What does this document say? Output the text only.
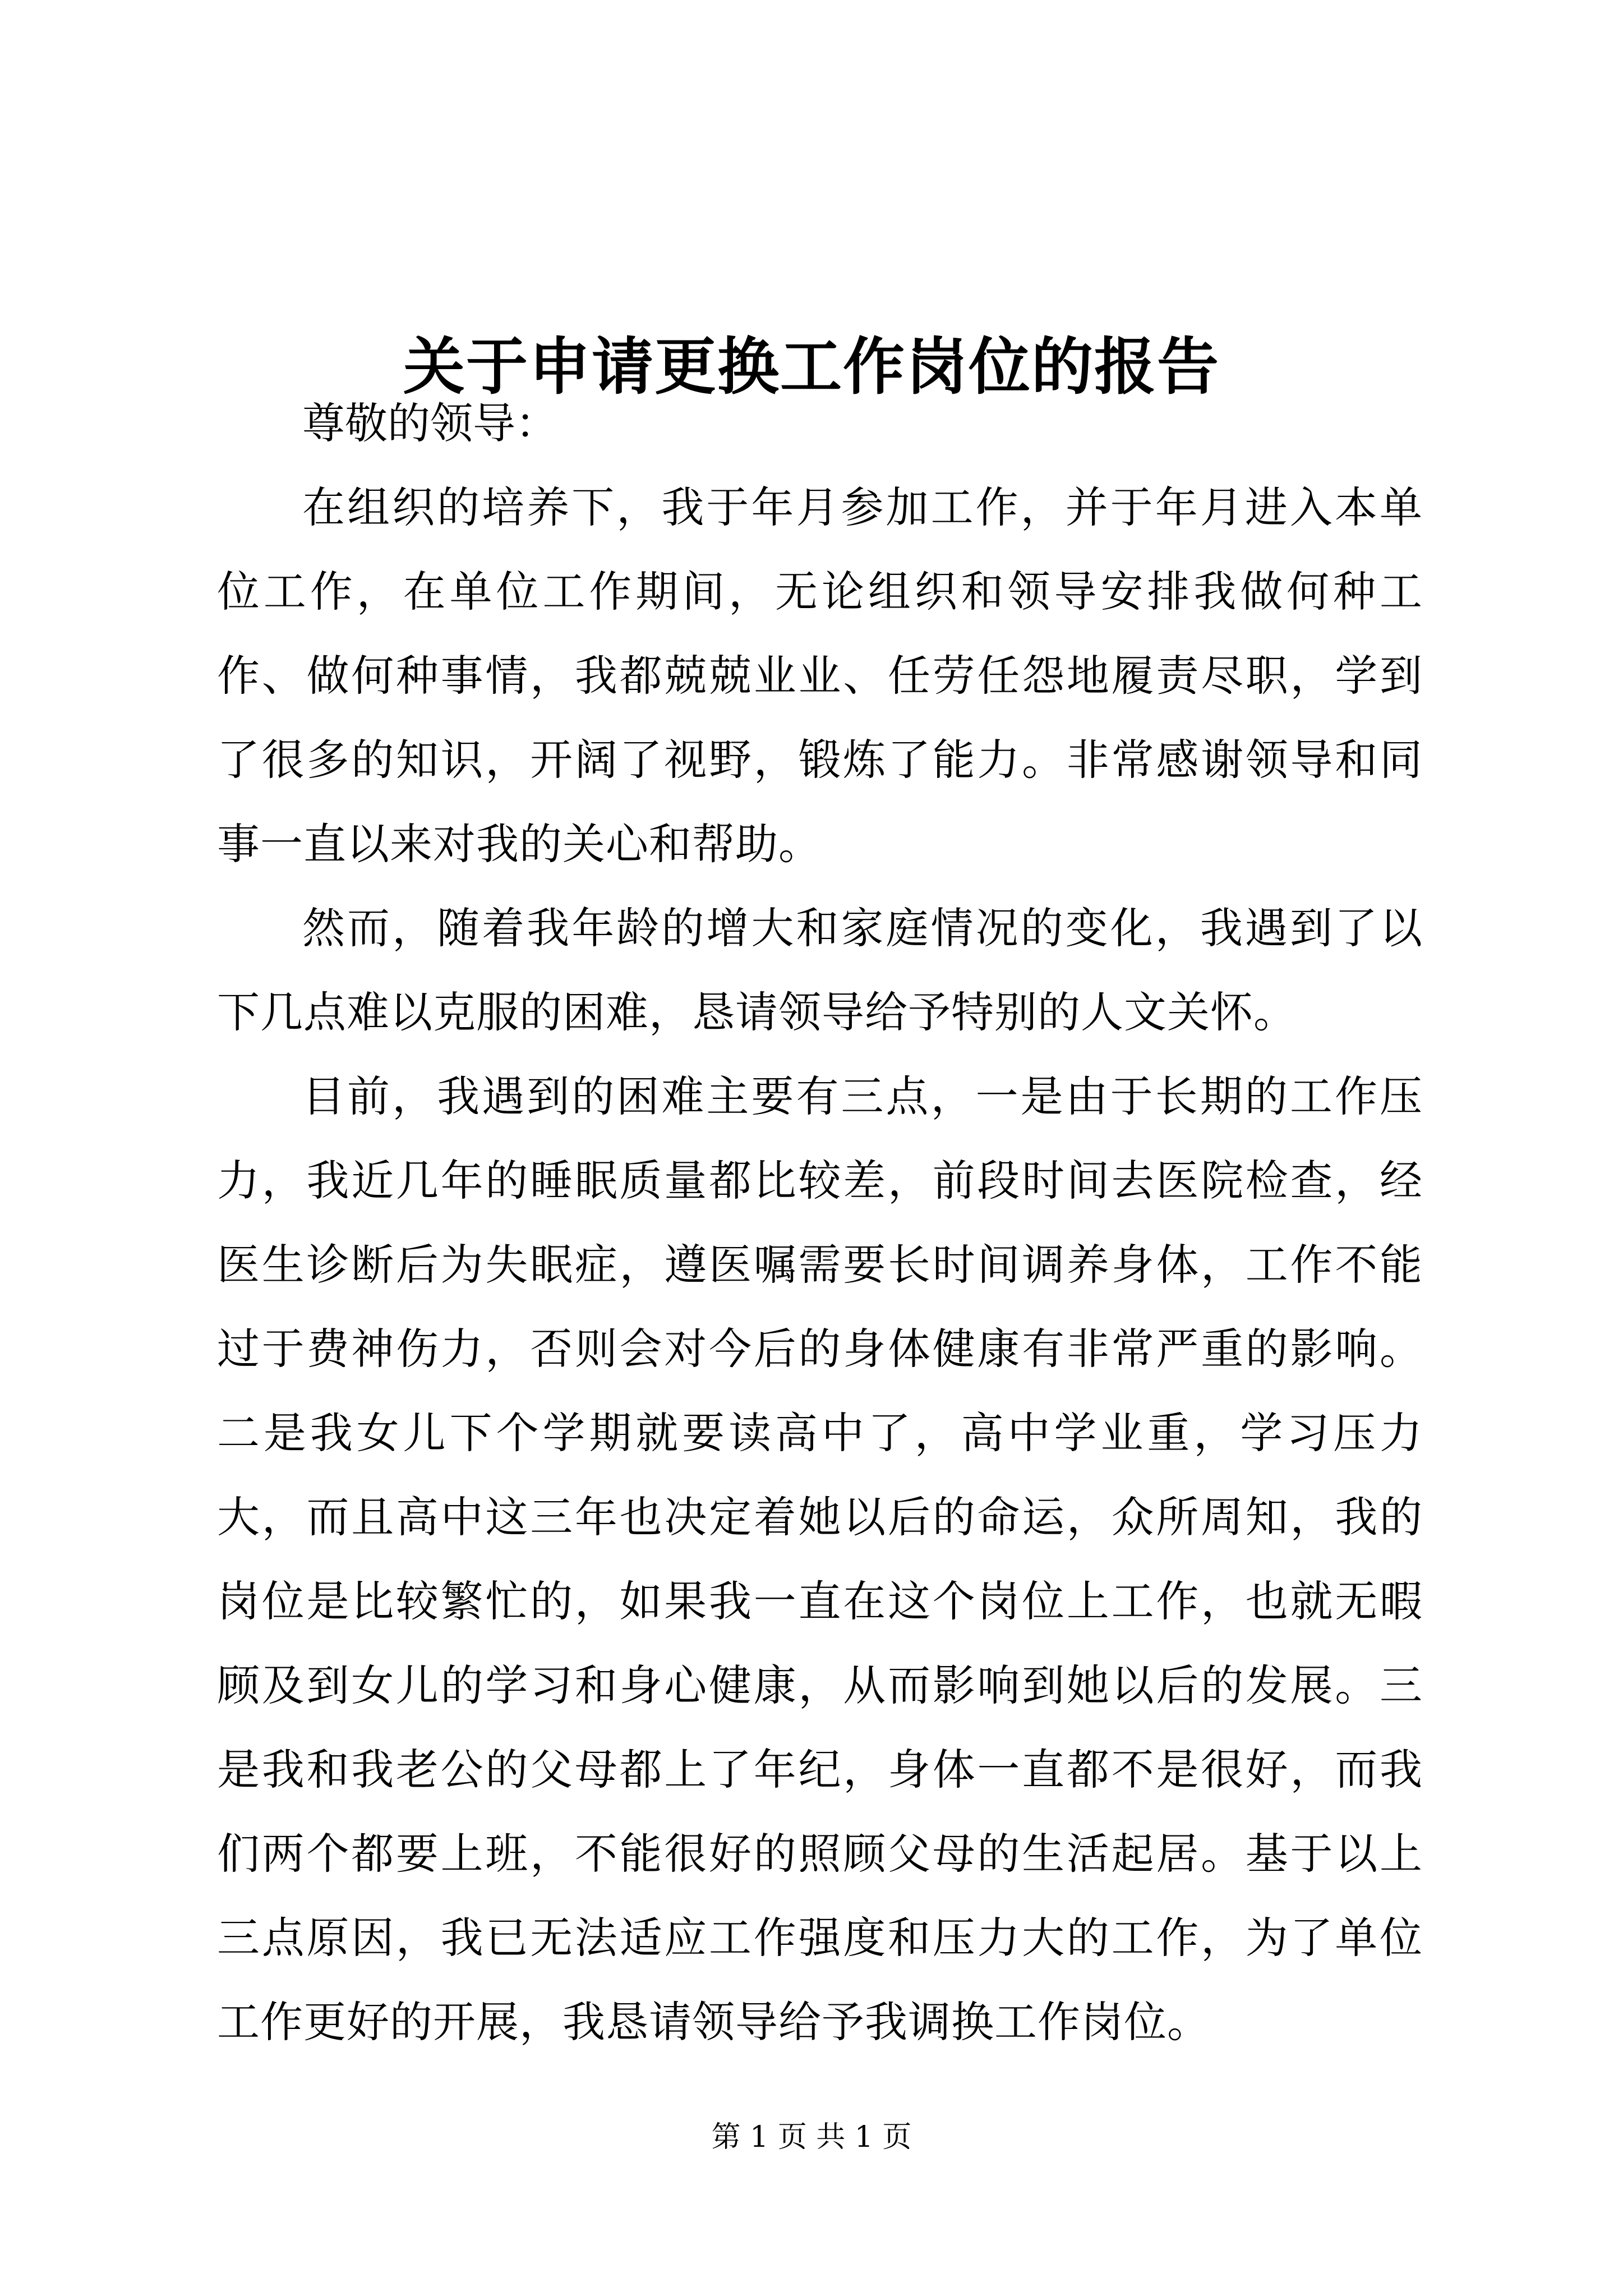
关于申请更换工作岗位的报告

尊敬的领导：

在组织的培养下，我于年月参加工作，并于年月进入本单位工作，在单位工作期间，无论组织和领导安排我做何种工作、做何种事情，我都兢兢业业、任劳任怨地履责尽职，学到了很多的知识，开阔了视野，锻炼了能力。非常感谢领导和同事一直以来对我的关心和帮助。

然而，随着我年龄的增大和家庭情况的变化，我遇到了以下几点难以克服的困难，恳请领导给予特别的人文关怀。

目前，我遇到的困难主要有三点，一是由于长期的工作压力，我近几年的睡眠质量都比较差，前段时间去医院检查，经医生诊断后为失眠症，遵医嘱需要长时间调养身体，工作不能过于费神伤力，否则会对今后的身体健康有非常严重的影响。二是我女儿下个学期就要读高中了，高中学业重，学习压力大，而且高中这三年也决定着她以后的命运，众所周知，我的岗位是比较繁忙的，如果我一直在这个岗位上工作，也就无暇顾及到女儿的学习和身心健康，从而影响到她以后的发展。三是我和我老公的父母都上了年纪，身体一直都不是很好，而我们两个都要上班，不能很好的照顾父母的生活起居。基于以上三点原因，我已无法适应工作强度和压力大的工作，为了单位工作更好的开展，我恳请领导给予我调换工作岗位。

第 1 页 共 1 页
